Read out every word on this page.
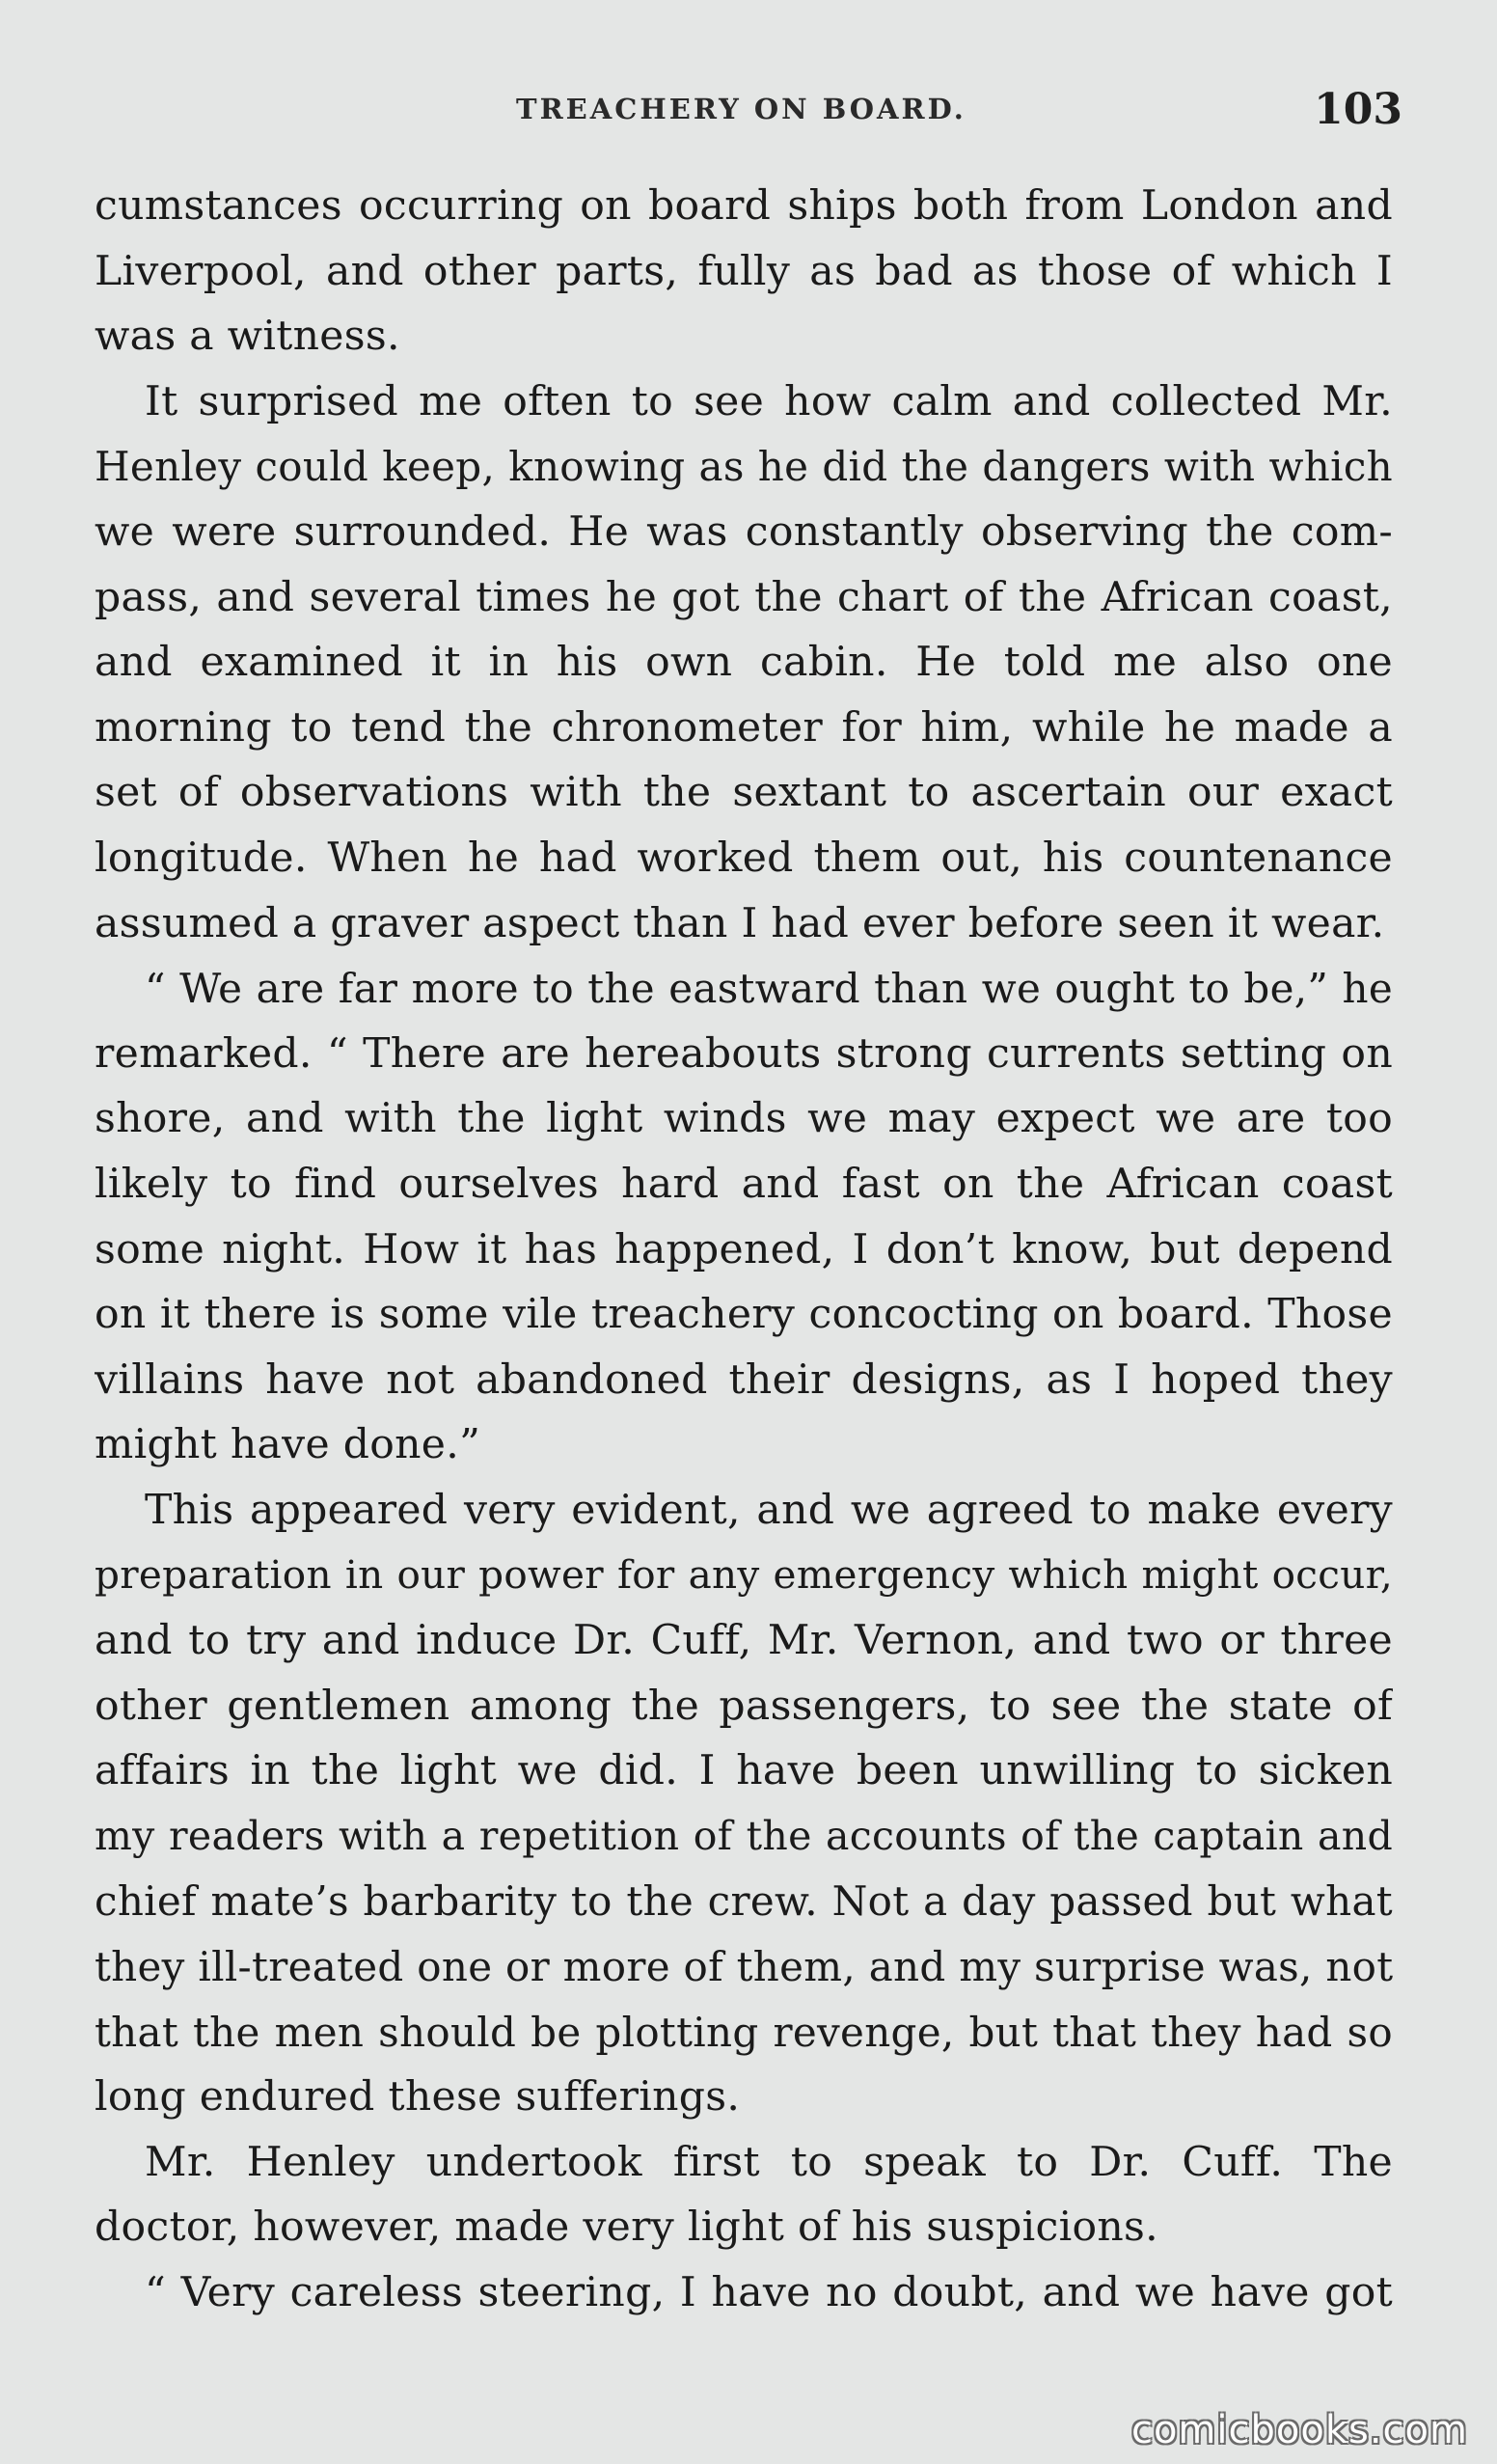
TREACHERY ON BOARD.	103
cumstances occurring on board ships both from London and
Liverpool, and other parts, fully as bad as those of which I
was a witness.
It surprised me often to see how calm and collected Mr.
Henley could keep, knowing as he did the dangers with which
we were surrounded. He was constantly observing the com-
pass, and several times he got the chart of the African coast,
and examined it in his own cabin. He told me also one
morning to tend the chronometer for him, while he made a
set of observations with the sextant to ascertain our exact
longitude. When he had worked them out, his countenance
assumed a graver aspect than I had ever before seen it wear.
“ We are far more to the eastward than we ought to be,” he
remarked. “ There are hereabouts strong currents setting on
shore, and with the light winds we may expect we are too
likely to find ourselves hard and fast on the African coast
some night. How it has happened, I don’t know, but depend
on it there is some vile treachery concocting on board. Those
villains have not abandoned their designs, as I hoped they
might have done.”
This appeared very evident, and we agreed to make every
preparation in our power for any emergency which might occur,
and to try and induce Dr. Cuff, Mr. Vernon, and two or three
other gentlemen among the passengers, to see the state of
affairs in the light we did. I have been unwilling to sicken
my readers with a repetition of the accounts of the captain and
chief mate’s barbarity to the crew. Not a day passed but what
they ill-treated one or more of them, and my surprise was, not
that the men should be plotting revenge, but that they had so
long endured these sufferings.
Mr. Henley undertook first to speak to Dr. Cuff. The
doctor, however, made very light of his suspicions.
“ Very careless steering, I have no doubt, and we have got
comicbooks.com
